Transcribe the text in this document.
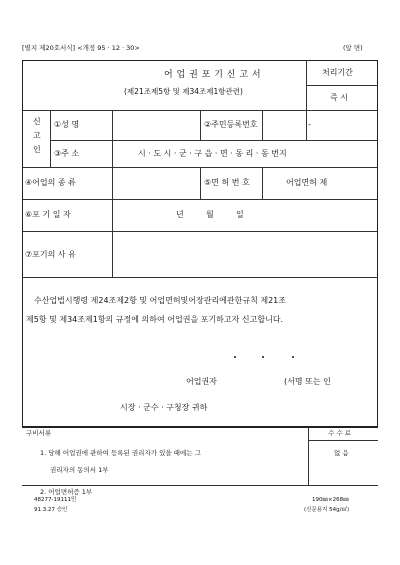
[별지 제20호서식] <개정 95 · 12 · 30>	(앞 면)
어 업 권 포 기 신 고 서
(제21조제5항 및 제34조제1항관련)
처리기간
즉 시
신
고
인
①성 명	②주민등록번호	-
③주 소	시 · 도 시 · 군 · 구 읍 · 면 · 동 리 · 동 번지
④어업의 종 류	⑤면 허 번 호	어업면허 제
⑥포 기 일 자	년	월	일
⑦포기의 사 유
수산업법시행령 제24조제2항 및 어업면허및어장관리에관한규칙 제21조
제5항 및 제34조제1항의 규정에 의하여 어업권을 포기하고자 신고합니다.
어업권자	(서명 또는 인
시장 · 군수 · 구청장 귀하
구비서류
1. 당해 어업권에 관하여 등록된 권리자가 있을 때에는 그
권리자의 동의서 1부
2. 어업면허증 1부
수 수 료
없 음
48277-19111민
91.3.27 승인
190㎜×268㎜
(신문용지 54g/㎡)
